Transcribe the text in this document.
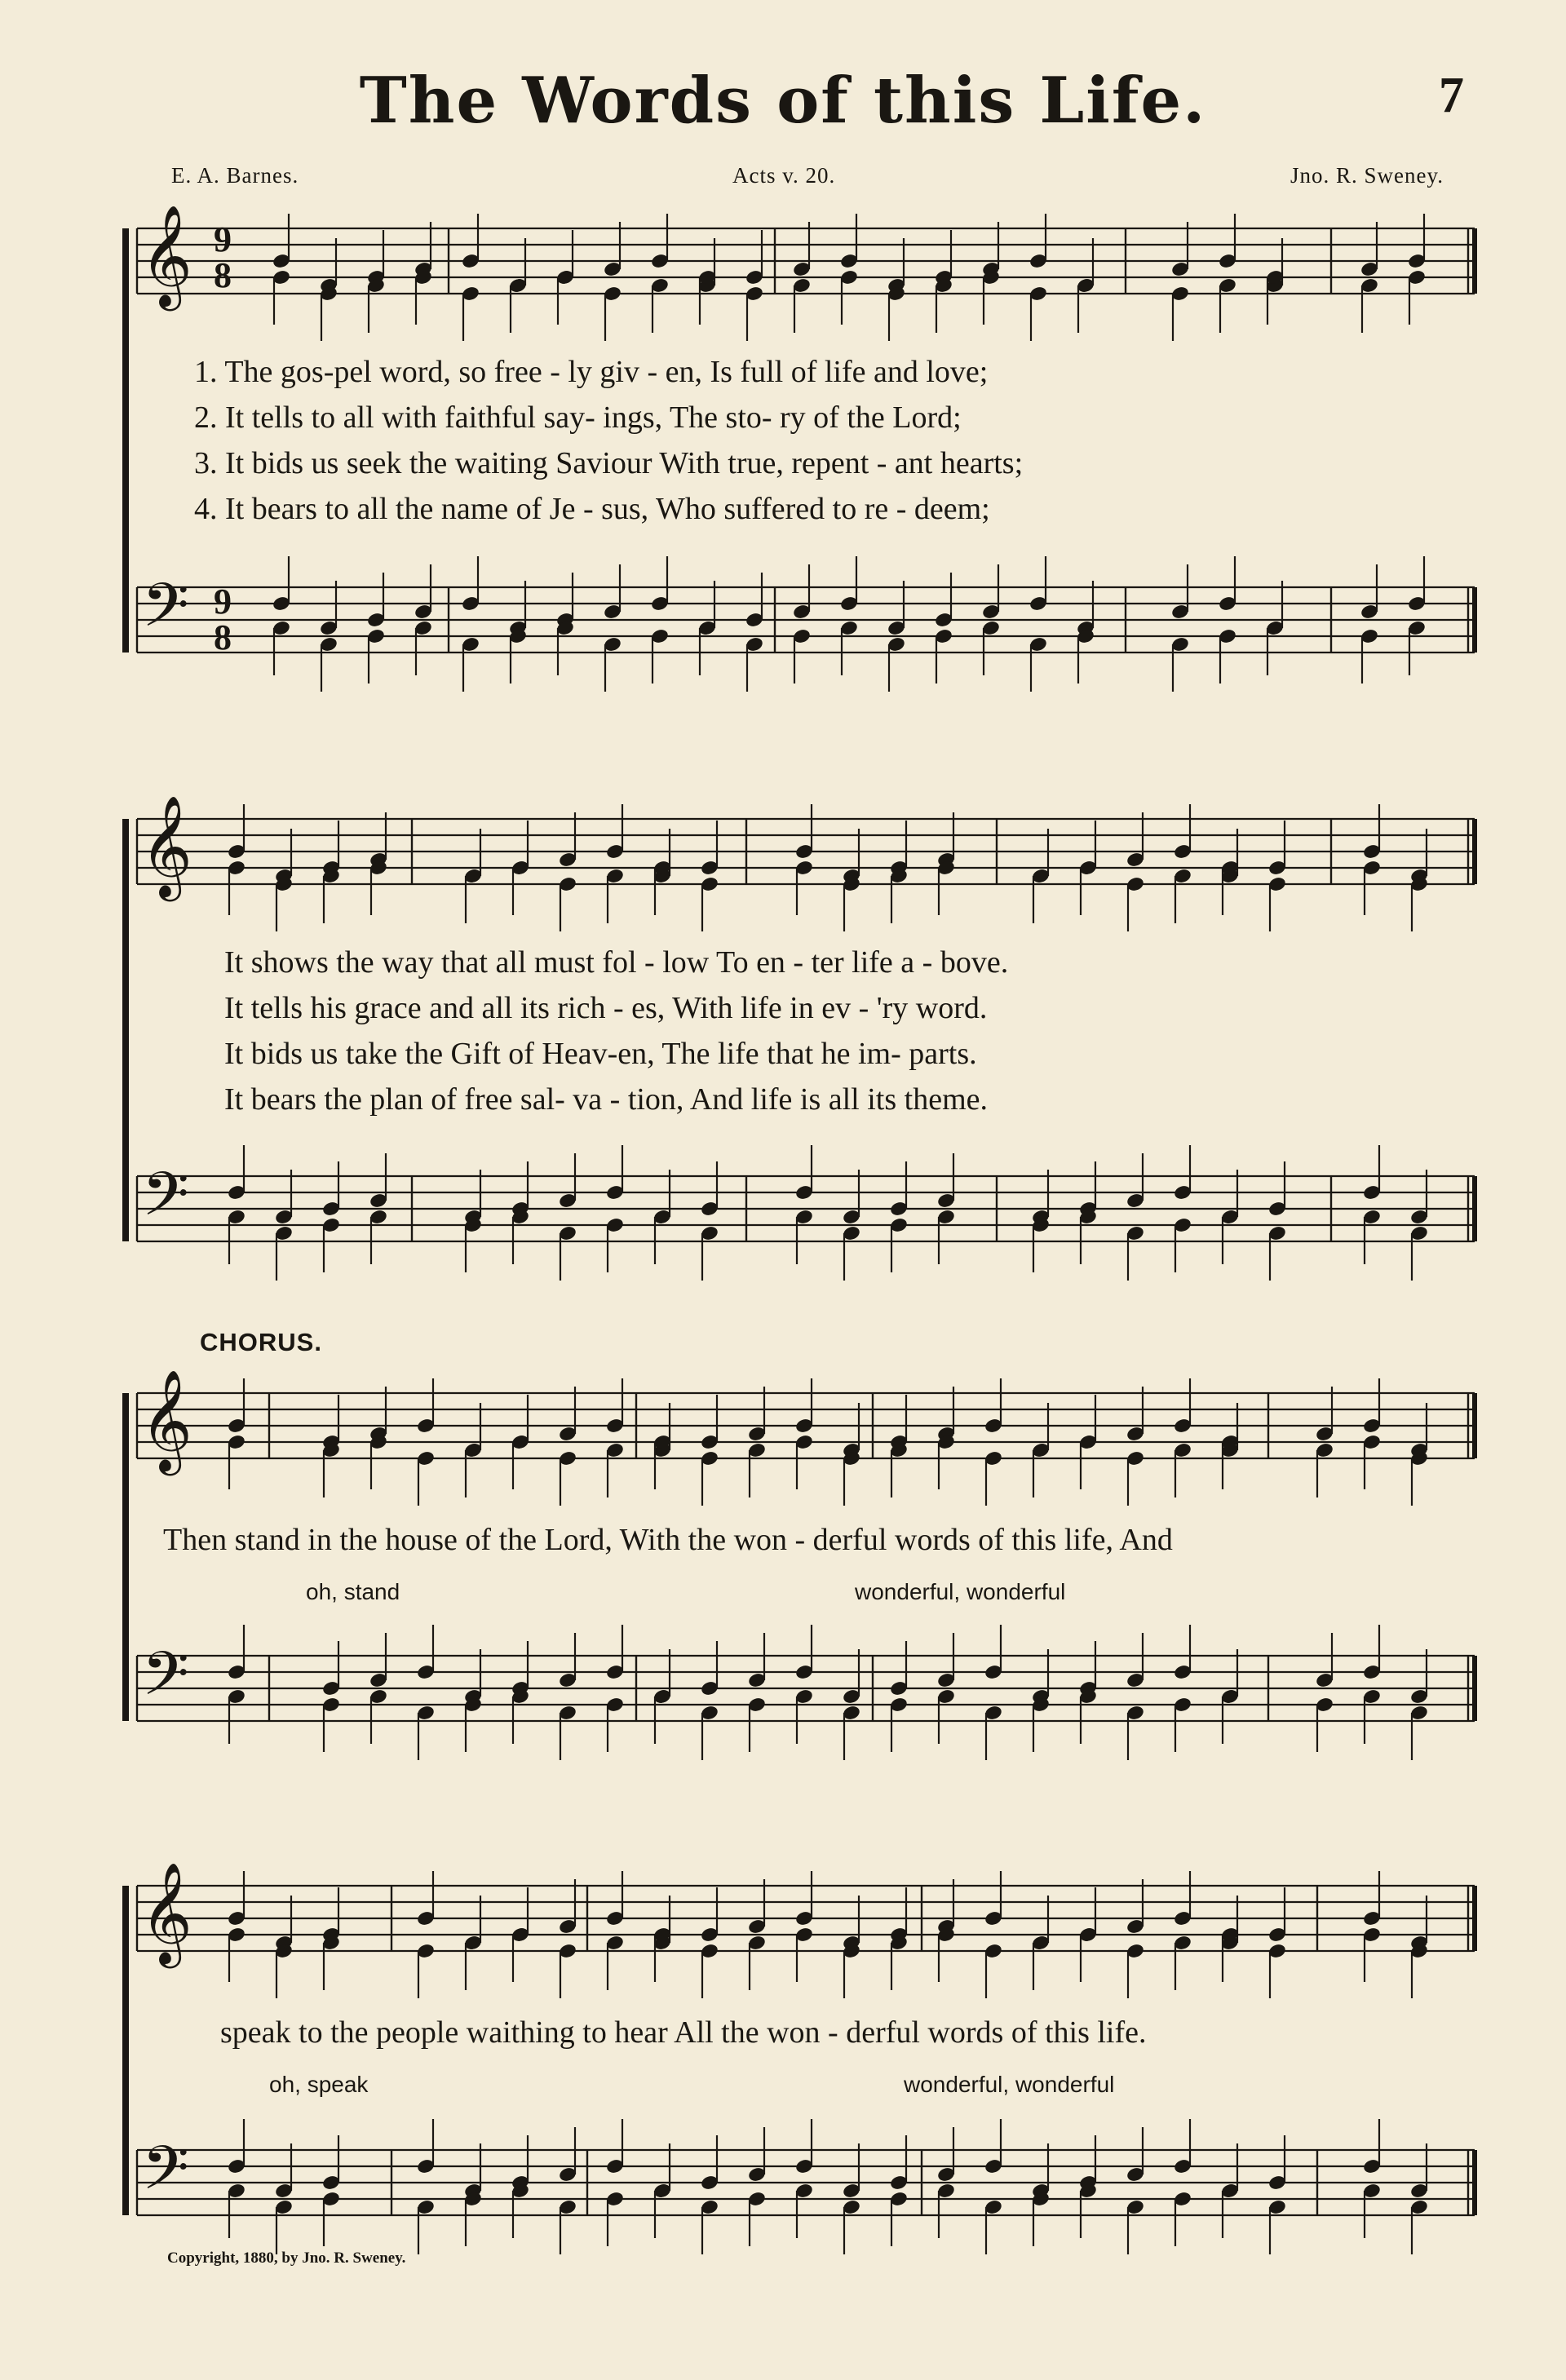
The Words of this Life.	7
E. A. Barnes.	Acts v. 20.	Jno. R. Sweney.
𝄞
𝄢
𝄞
𝄢
𝄞
𝄢
𝄞
𝄢
9
8
9
8
1. The gos-pel word, so free - ly giv - en, Is full of life and love;
2. It tells to all with faithful say- ings, The sto- ry of the Lord;
3. It bids us seek the waiting Saviour With true, repent - ant hearts;
4. It bears to all the name of Je - sus, Who suffered to re - deem;
It shows the way that all must fol - low To en - ter life a - bove.
It tells his grace and all its rich - es, With life in ev - 'ry word.
It bids us take the Gift of Heav-en, The life that he im- parts.
It bears the plan of free sal- va - tion, And life is all its theme.
CHORUS.
Then stand in the house of the Lord, With the won - derful words of this life, And
oh, stand	wonderful, wonderful
speak to the people waithing to hear All the won - derful words of this life.
oh, speak	wonderful, wonderful
Copyright, 1880, by Jno. R. Sweney.
